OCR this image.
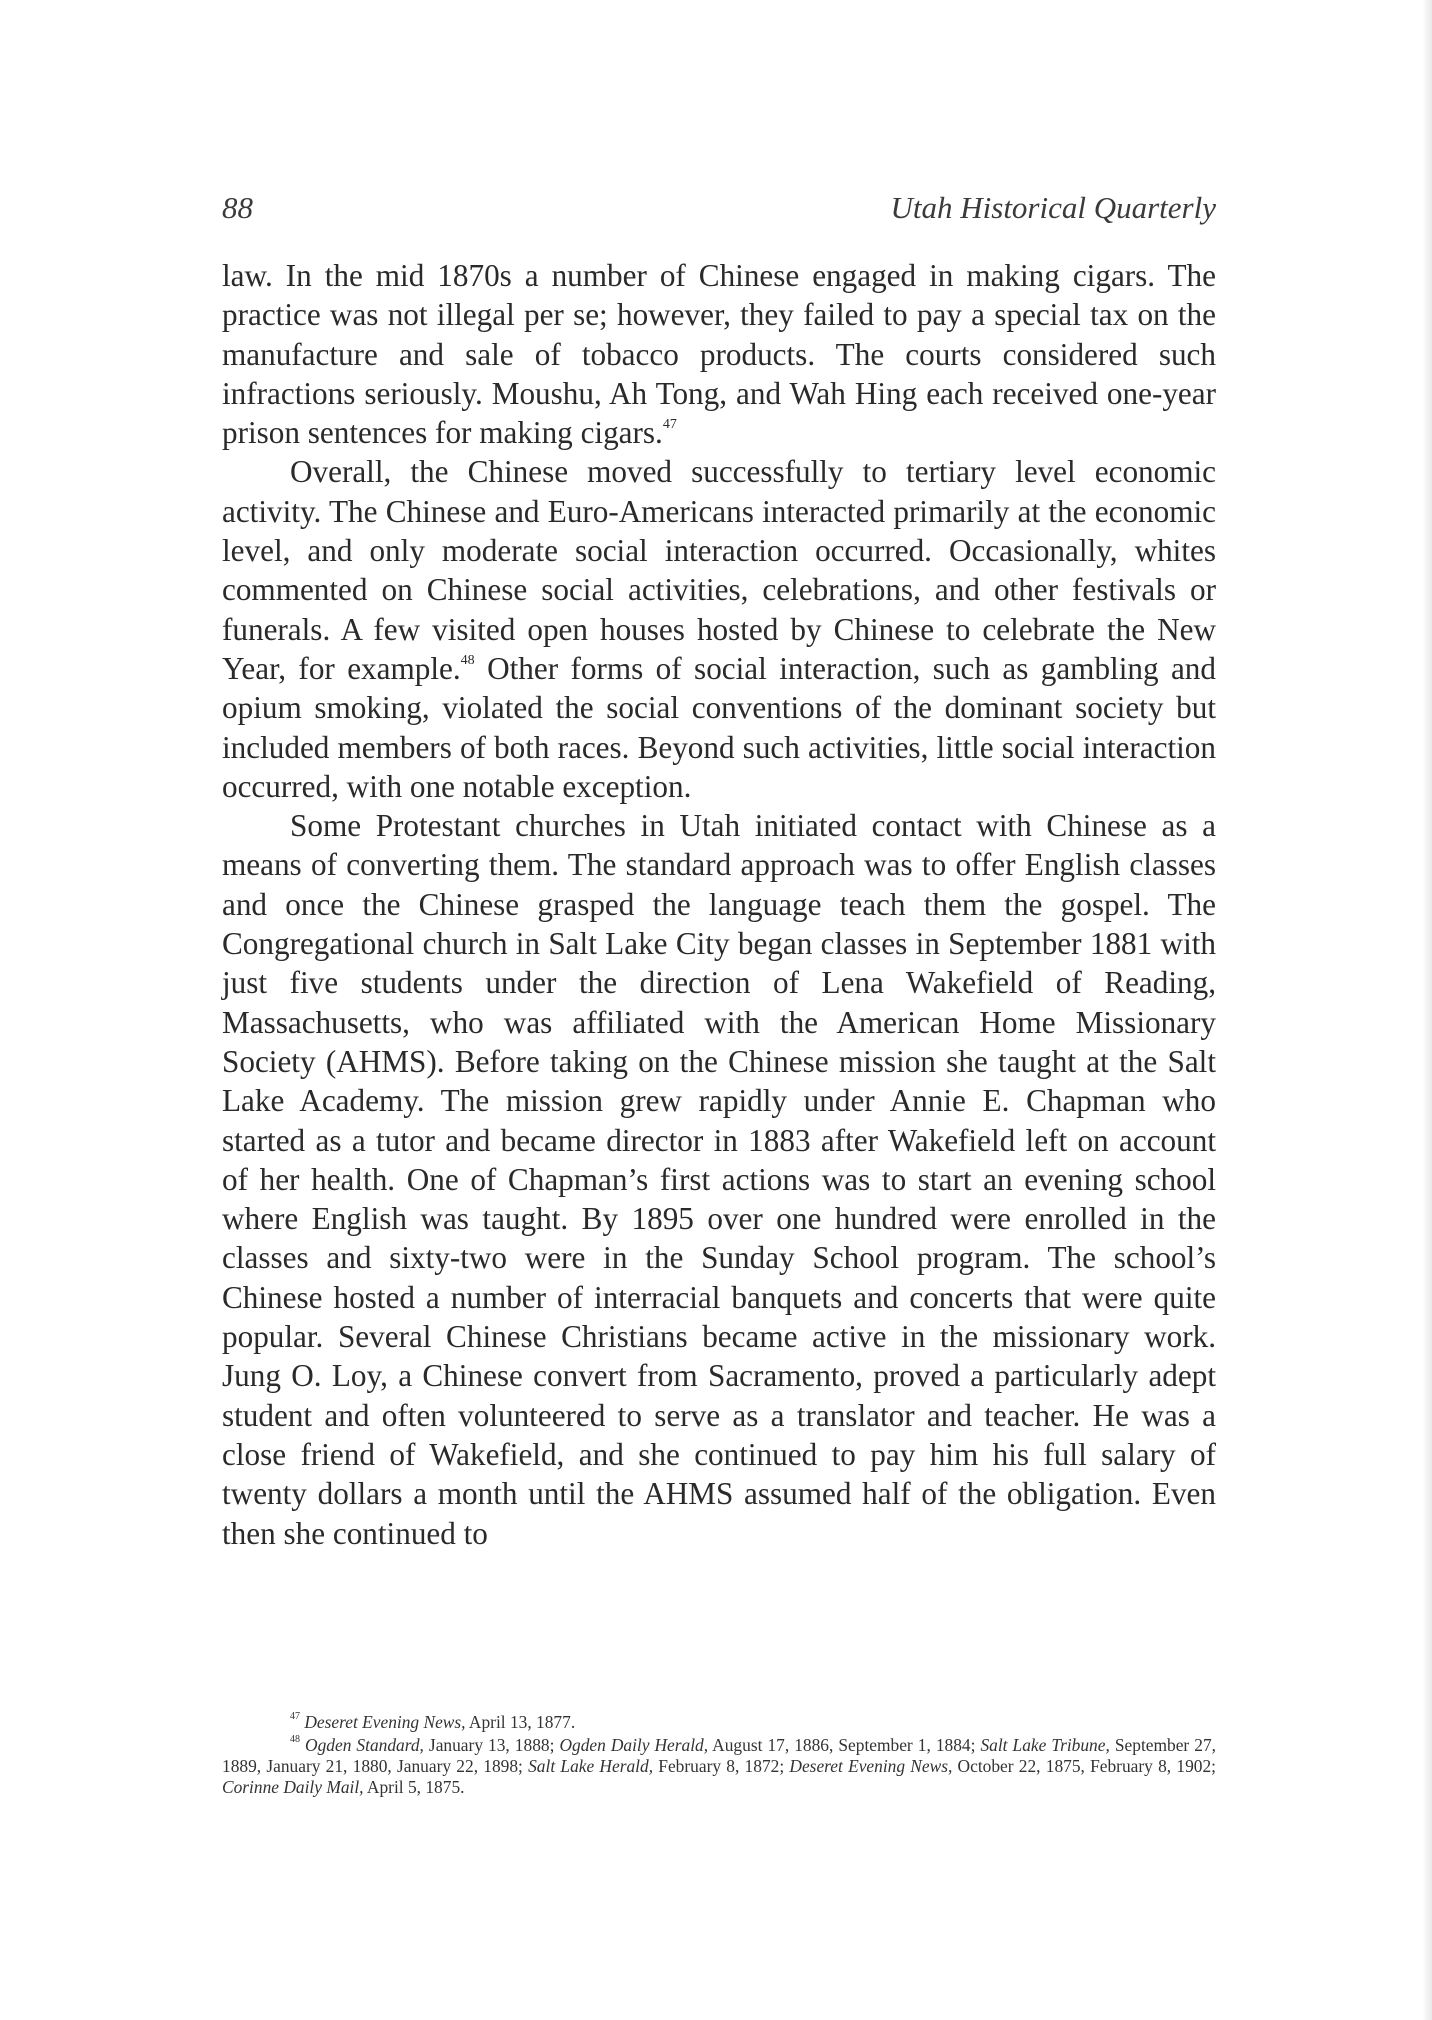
88	Utah Historical Quarterly

law. In the mid 1870s a number of Chinese engaged in making cigars. The practice was not illegal per se; however, they failed to pay a special tax on the manufacture and sale of tobacco products. The courts considered such infractions seriously. Moushu, Ah Tong, and Wah Hing each received one-year prison sentences for making cigars.$^{47}$

Overall, the Chinese moved successfully to tertiary level economic activity. The Chinese and Euro-Americans interacted primarily at the economic level, and only moderate social interaction occurred. Occasionally, whites commented on Chinese social activities, celebrations, and other festivals or funerals. A few visited open houses hosted by Chinese to celebrate the New Year, for example.$^{48}$ Other forms of social interaction, such as gambling and opium smoking, violated the social conventions of the dominant society but included members of both races. Beyond such activities, little social interaction occurred, with one notable exception.

Some Protestant churches in Utah initiated contact with Chinese as a means of converting them. The standard approach was to offer English classes and once the Chinese grasped the language teach them the gospel. The Congregational church in Salt Lake City began classes in September 1881 with just five students under the direction of Lena Wakefield of Reading, Massachusetts, who was affiliated with the American Home Missionary Society (AHMS). Before taking on the Chinese mission she taught at the Salt Lake Academy. The mission grew rapidly under Annie E. Chapman who started as a tutor and became director in 1883 after Wakefield left on account of her health. One of Chapman’s first actions was to start an evening school where English was taught. By 1895 over one hundred were enrolled in the classes and sixty-two were in the Sunday School program. The school’s Chinese hosted a number of interracial banquets and concerts that were quite popular. Several Chinese Christians became active in the missionary work. Jung O. Loy, a Chinese convert from Sacramento, proved a particularly adept student and often volunteered to serve as a translator and teacher. He was a close friend of Wakefield, and she continued to pay him his full salary of twenty dollars a month until the AHMS assumed half of the obligation. Even then she continued to

$^{47}$ Deseret Evening News, April 13, 1877.

$^{48}$ Ogden Standard, January 13, 1888; Ogden Daily Herald, August 17, 1886, September 1, 1884; Salt Lake Tribune, September 27, 1889, January 21, 1880, January 22, 1898; Salt Lake Herald, February 8, 1872; Deseret Evening News, October 22, 1875, February 8, 1902; Corinne Daily Mail, April 5, 1875.
